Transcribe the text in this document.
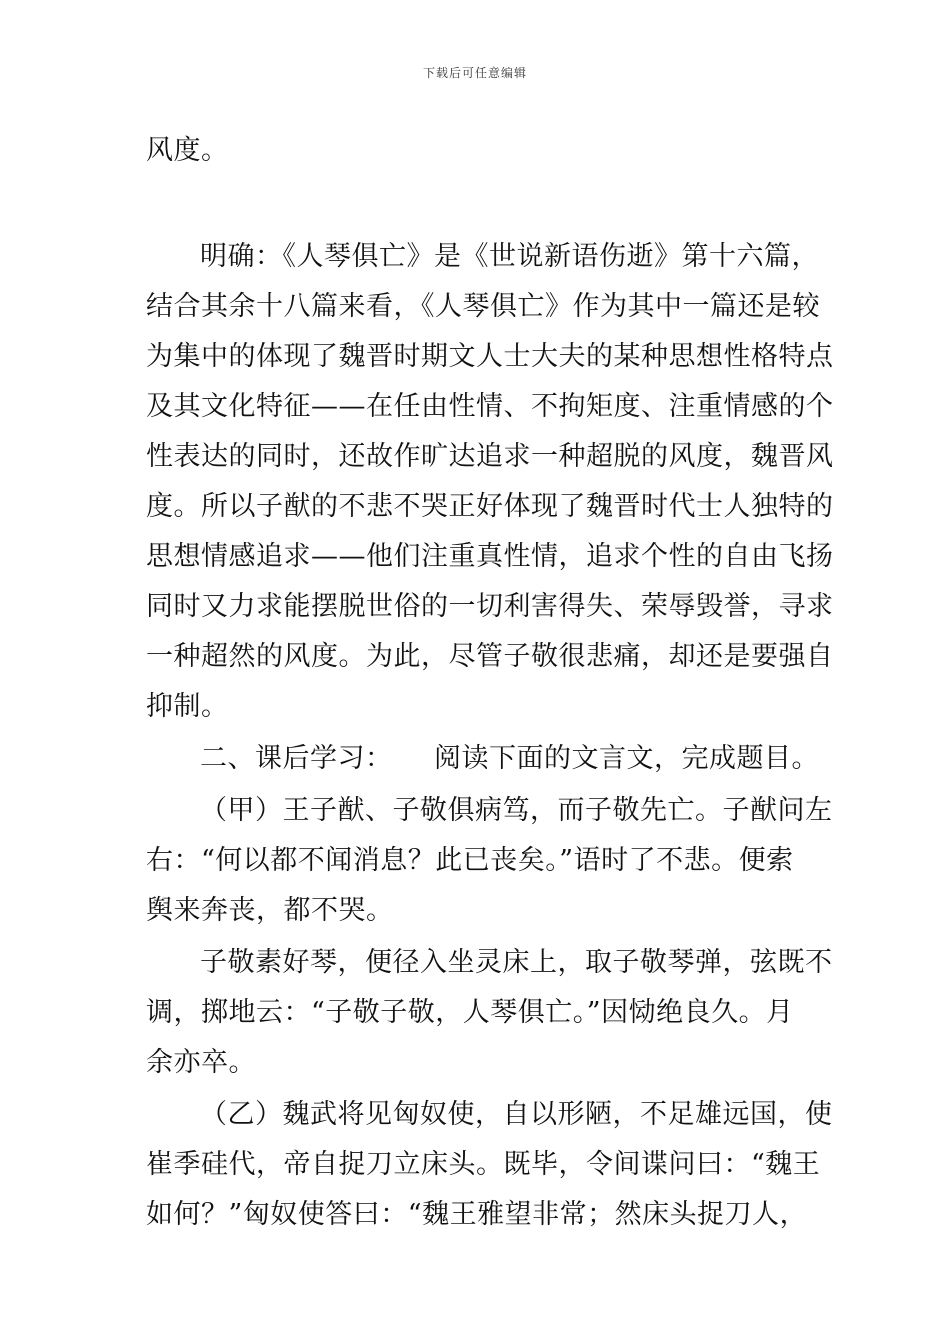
下载后可任意编辑
风度。
明确：《人琴俱亡》是《世说新语伤逝》第十六篇，
结合其余十八篇来看，《人琴俱亡》作为其中一篇还是较
为集中的体现了魏晋时期文人士大夫的某种思想性格特点
及其文化特征——在任由性情、不拘矩度、注重情感的个
性表达的同时，还故作旷达追求一种超脱的风度，魏晋风
度。所以子猷的不悲不哭正好体现了魏晋时代士人独特的
思想情感追求——他们注重真性情，追求个性的自由飞扬
同时又力求能摆脱世俗的一切利害得失、荣辱毁誉，寻求
一种超然的风度。为此，尽管子敬很悲痛，却还是要强自
抑制。
二、课后学习：　　阅读下面的文言文，完成题目。
（甲）王子猷、子敬俱病笃，而子敬先亡。子猷问左
右：“何以都不闻消息？此已丧矣。”语时了不悲。便索
舆来奔丧，都不哭。
子敬素好琴，便径入坐灵床上，取子敬琴弹，弦既不
调，掷地云：“子敬子敬，人琴俱亡。”因恸绝良久。月
余亦卒。
（乙）魏武将见匈奴使，自以形陋，不足雄远国，使
崔季硅代，帝自捉刀立床头。既毕，令间谍问曰：“魏王
如何？”匈奴使答曰：“魏王雅望非常；然床头捉刀人，
